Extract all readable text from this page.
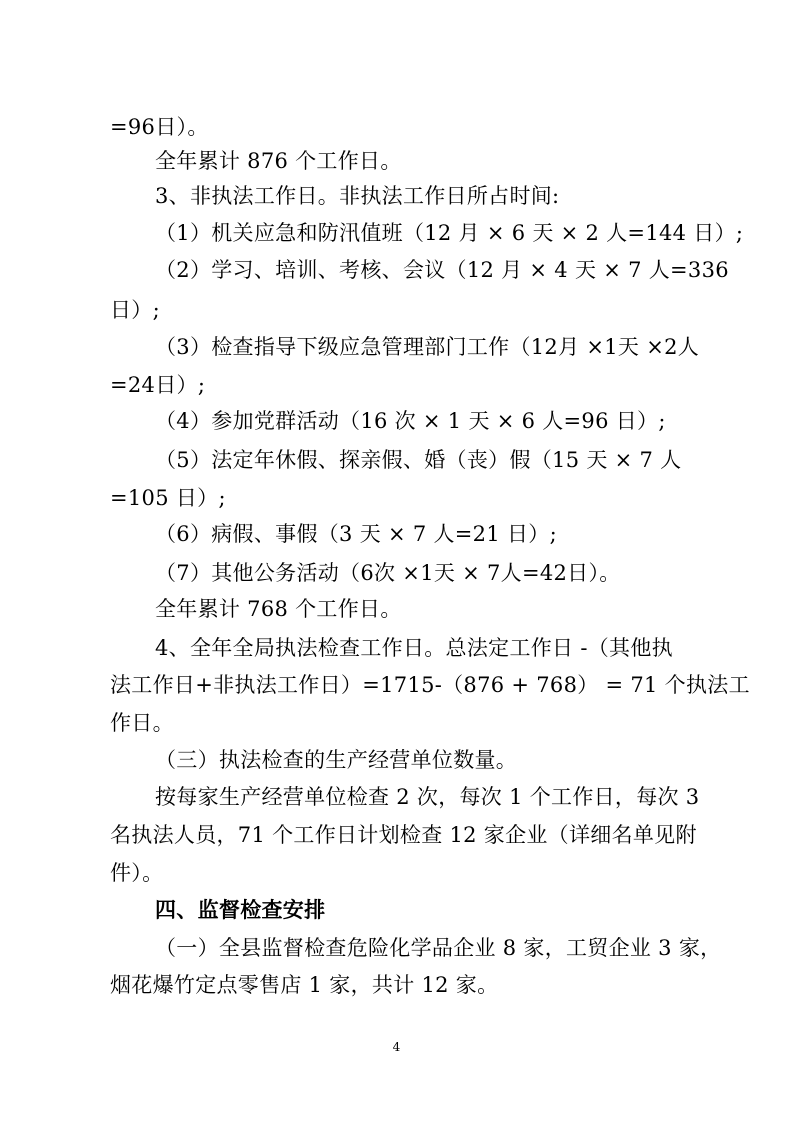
=96日）。
全年累计 876 个工作日。
3、非执法工作日。非执法工作日所占时间:
（1）机关应急和防汛值班（12 月 × 6 天 × 2 人=144 日）;
（2）学习、培训、考核、会议（12 月 × 4 天 × 7 人=336
日）;
（3）检查指导下级应急管理部门工作（12月 ×1天 ×2人
=24日）;
（4）参加党群活动（16 次 × 1 天 × 6 人=96 日）;
（5）法定年休假、探亲假、婚（丧）假（15 天 × 7 人
=105 日）;
（6）病假、事假（3 天 × 7 人=21 日）;
（7）其他公务活动（6次 ×1天 × 7人=42日）。
全年累计 768 个工作日。
4、全年全局执法检查工作日。总法定工作日 -（其他执
法工作日+非执法工作日）=1715-（876 + 768） = 71 个执法工
作日。
（三）执法检查的生产经营单位数量。
按每家生产经营单位检查 2 次，每次 1 个工作日，每次 3
名执法人员，71 个工作日计划检查 12 家企业（详细名单见附
件）。
四、监督检查安排
（一）全县监督检查危险化学品企业 8 家，工贸企业 3 家，
烟花爆竹定点零售店 1 家，共计 12 家。
4
